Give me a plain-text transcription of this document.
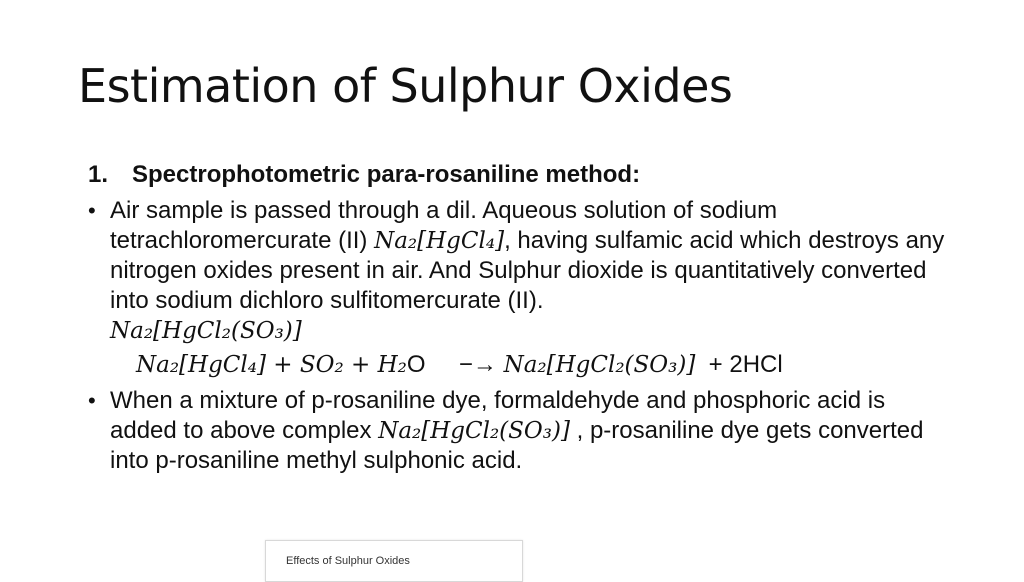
Estimation of Sulphur Oxides
1. Spectrophotometric para-rosaniline method:
• Air sample is passed through a dil. Aqueous solution of sodium tetrachloromercurate (II) Na₂[HgCl₄], having sulfamic acid which destroys any nitrogen oxides present in air. And Sulphur dioxide is quantitatively converted into sodium dichloro sulfitomercurate (II).
Na₂[HgCl₂(SO₃)]
Na₂[HgCl₄] + SO₂ + H₂O −→ Na₂[HgCl₂(SO₃)] + 2HCl
• When a mixture of p-rosaniline dye, formaldehyde and phosphoric acid is added to above complex Na₂[HgCl₂(SO₃)] , p-rosaniline dye gets converted into p-rosaniline methyl sulphonic acid.
Effects of Sulphur Oxides
